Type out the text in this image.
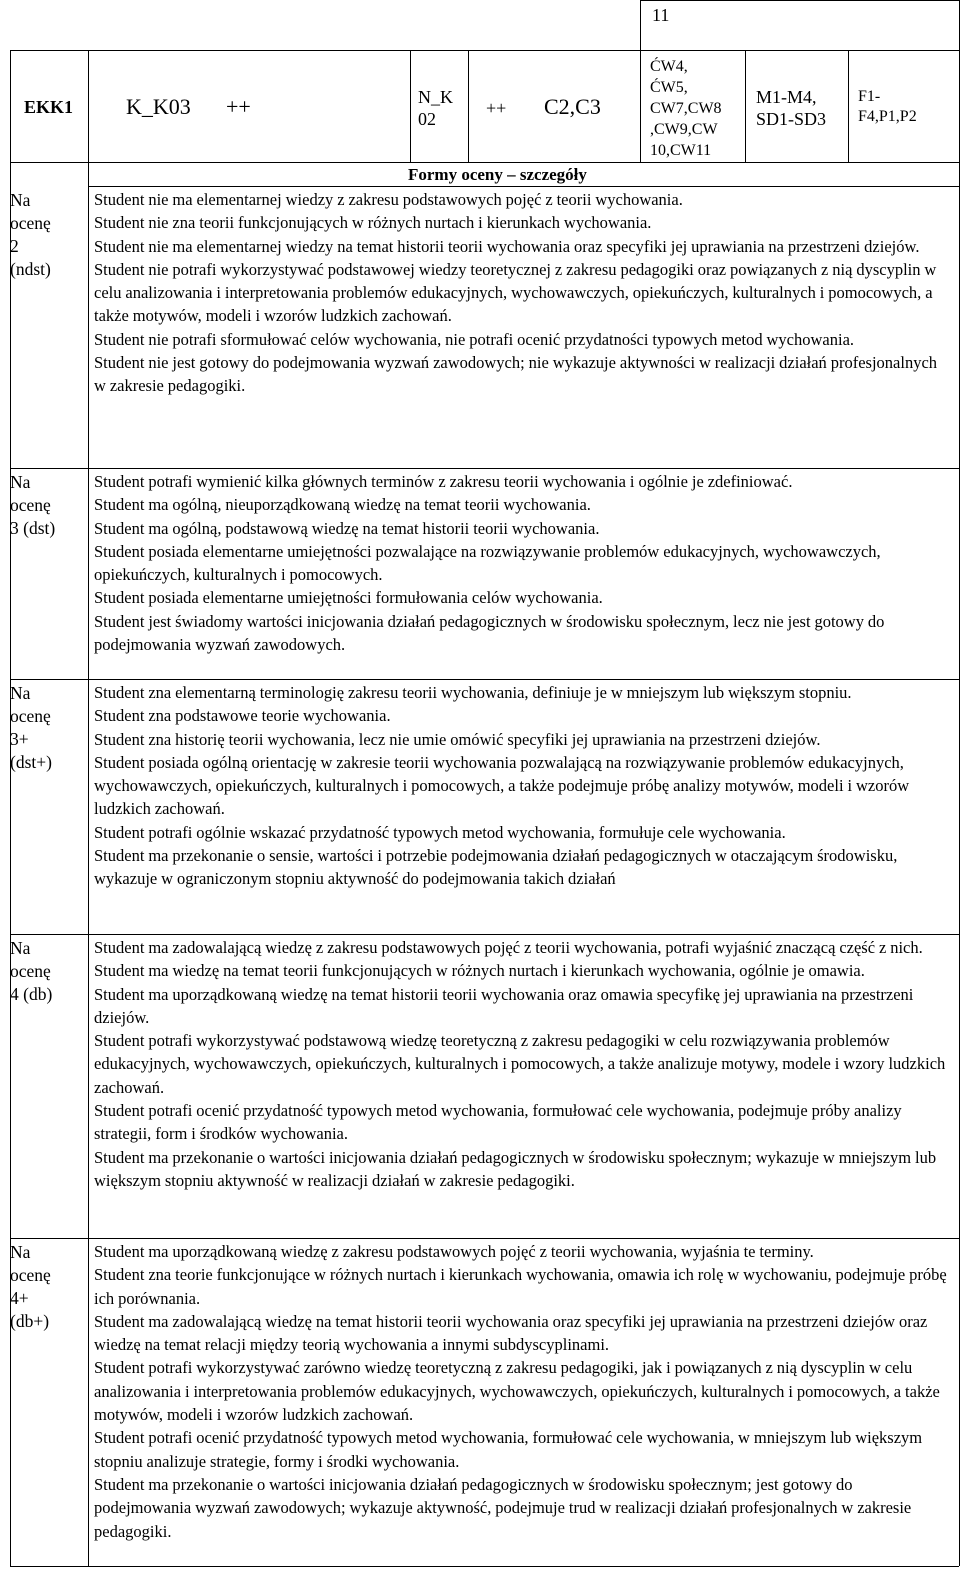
11
EKK1 K_K03 ++	N_K
02
++ C2,C3
ĆW4,
ĆW5,
CW7,CW8
,CW9,CW
10,CW11
M1-M4,
SD1-SD3
F1-
F4,P1,P2
Formy oceny – szczegóły
Na
ocenę
2
(ndst)
Student nie ma elementarnej wiedzy z zakresu podstawowych pojęć z teorii wychowania.
Student nie zna teorii funkcjonujących w różnych nurtach i kierunkach wychowania.
Student nie ma elementarnej wiedzy na temat historii teorii wychowania oraz specyfiki jej uprawiania na przestrzeni dziejów.
Student nie potrafi wykorzystywać podstawowej wiedzy teoretycznej z zakresu pedagogiki oraz powiązanych z nią dyscyplin w celu analizowania i interpretowania problemów edukacyjnych, wychowawczych, opiekuńczych, kulturalnych i pomocowych, a także motywów, modeli i wzorów ludzkich zachowań.
Student nie potrafi sformułować celów wychowania, nie potrafi ocenić przydatności typowych metod wychowania.
Student nie jest gotowy do podejmowania wyzwań zawodowych; nie wykazuje aktywności w realizacji działań profesjonalnych w zakresie pedagogiki.
Na
ocenę
3 (dst)
Student potrafi wymienić kilka głównych terminów z zakresu teorii wychowania i ogólnie je zdefiniować.
Student ma ogólną, nieuporządkowaną wiedzę na temat teorii wychowania.
Student ma ogólną, podstawową wiedzę na temat historii teorii wychowania.
Student posiada elementarne umiejętności pozwalające na rozwiązywanie problemów edukacyjnych, wychowawczych, opiekuńczych, kulturalnych i pomocowych.
Student posiada elementarne umiejętności formułowania celów wychowania.
Student jest świadomy wartości inicjowania działań pedagogicznych w środowisku społecznym, lecz nie jest gotowy do podejmowania wyzwań zawodowych.
Na
ocenę
3+
(dst+)
Student zna elementarną terminologię zakresu teorii wychowania, definiuje je w mniejszym lub większym stopniu.
Student zna podstawowe teorie wychowania.
Student zna historię teorii wychowania, lecz nie umie omówić specyfiki jej uprawiania na przestrzeni dziejów.
Student posiada ogólną orientację w zakresie teorii wychowania pozwalającą na rozwiązywanie problemów edukacyjnych, wychowawczych, opiekuńczych, kulturalnych i pomocowych, a także podejmuje próbę analizy motywów, modeli i wzorów ludzkich zachowań.
Student potrafi ogólnie wskazać przydatność typowych metod wychowania, formułuje cele wychowania.
Student ma przekonanie o sensie, wartości i potrzebie podejmowania działań pedagogicznych w otaczającym środowisku, wykazuje w ograniczonym stopniu aktywność do podejmowania takich działań
Na
ocenę
4 (db)
Student ma zadowalającą wiedzę z zakresu podstawowych pojęć z teorii wychowania, potrafi wyjaśnić znaczącą część z nich.
Student ma wiedzę na temat teorii funkcjonujących w różnych nurtach i kierunkach wychowania, ogólnie je omawia.
Student ma uporządkowaną wiedzę na temat historii teorii wychowania oraz omawia specyfikę jej uprawiania na przestrzeni dziejów.
Student potrafi wykorzystywać podstawową wiedzę teoretyczną z zakresu pedagogiki w celu rozwiązywania problemów edukacyjnych, wychowawczych, opiekuńczych, kulturalnych i pomocowych, a także analizuje motywy, modele i wzory ludzkich zachowań.
Student potrafi ocenić przydatność typowych metod wychowania, formułować cele wychowania, podejmuje próby analizy strategii, form i środków wychowania.
Student ma przekonanie o wartości inicjowania działań pedagogicznych w środowisku społecznym; wykazuje w mniejszym lub większym stopniu aktywność w realizacji działań w zakresie pedagogiki.
Na
ocenę
4+
(db+)
Student ma uporządkowaną wiedzę z zakresu podstawowych pojęć z teorii wychowania, wyjaśnia te terminy.
Student zna teorie funkcjonujące w różnych nurtach i kierunkach wychowania, omawia ich rolę w wychowaniu, podejmuje próbę ich porównania.
Student ma zadowalającą wiedzę na temat historii teorii wychowania oraz specyfiki jej uprawiania na przestrzeni dziejów oraz wiedzę na temat relacji między teorią wychowania a innymi subdyscyplinami.
Student potrafi wykorzystywać zarówno wiedzę teoretyczną z zakresu pedagogiki, jak i powiązanych z nią dyscyplin w celu analizowania i interpretowania problemów edukacyjnych, wychowawczych, opiekuńczych, kulturalnych i pomocowych, a także motywów, modeli i wzorów ludzkich zachowań.
Student potrafi ocenić przydatność typowych metod wychowania, formułować cele wychowania, w mniejszym lub większym stopniu analizuje strategie, formy i środki wychowania.
Student ma przekonanie o wartości inicjowania działań pedagogicznych w środowisku społecznym; jest gotowy do podejmowania wyzwań zawodowych; wykazuje aktywność, podejmuje trud w realizacji działań profesjonalnych w zakresie pedagogiki.
